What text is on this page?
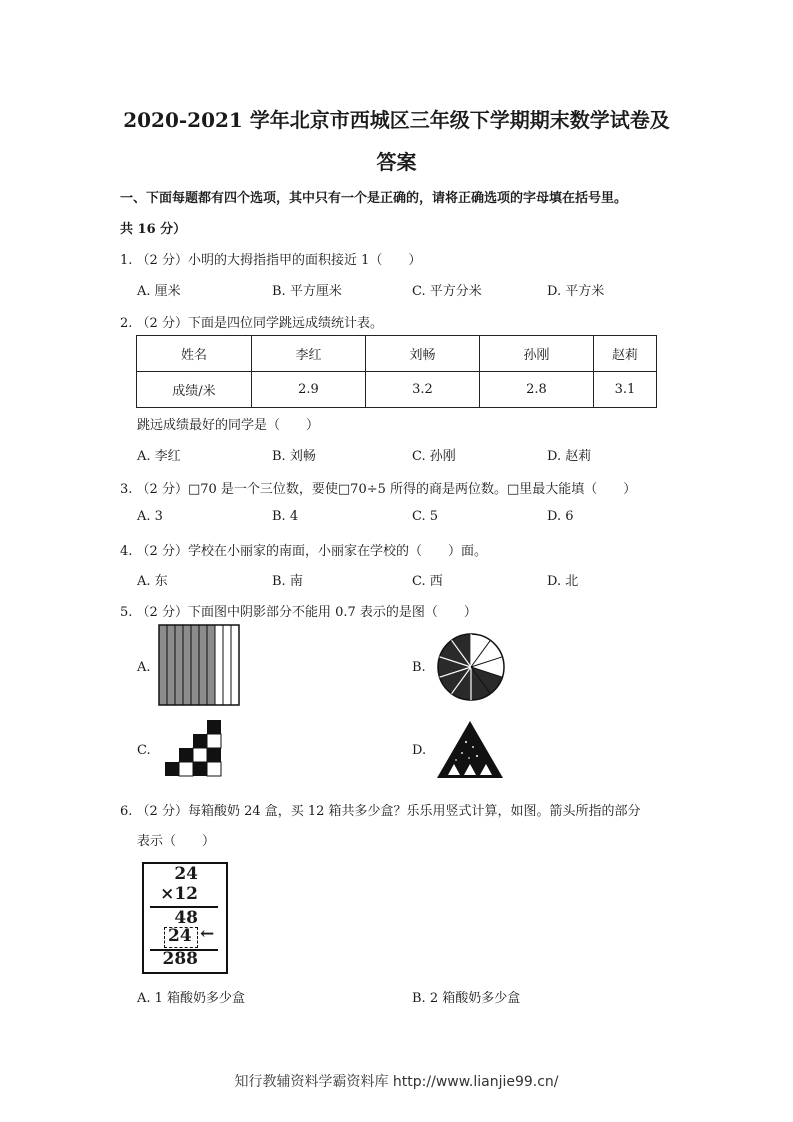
2020-2021 学年北京市西城区三年级下学期期末数学试卷及
答案
一、下面每题都有四个选项，其中只有一个是正确的，请将正确选项的字母填在括号里。
共 16 分）
1. （2 分）小明的大拇指指甲的面积接近 1（　　）
A. 厘米	B. 平方厘米	C. 平方分米	D. 平方米
2. （2 分）下面是四位同学跳远成绩统计表。
姓名	李红	刘畅	孙刚	赵莉
成绩/米	2.9	3.2	2.8	3.1
跳远成绩最好的同学是（　　）
A. 李红	B. 刘畅	C. 孙刚	D. 赵莉
3. （2 分）□70 是一个三位数，要使□70÷5 所得的商是两位数。□里最大能填（　　）
A. 3	B. 4	C. 5	D. 6
4. （2 分）学校在小丽家的南面，小丽家在学校的（　　）面。
A. 东	B. 南	C. 西	D. 北
5. （2 分）下面图中阴影部分不能用 0.7 表示的是图（　　）
A.	B.
C.	D.
6. （2 分）每箱酸奶 24 盒，买 12 箱共多少盒？乐乐用竖式计算，如图。箭头所指的部分
表示（　　）
24
×12
48
24 ←
288
A. 1 箱酸奶多少盒	B. 2 箱酸奶多少盒
知行教辅资料学霸资料库 http://www.lianjie99.cn/
